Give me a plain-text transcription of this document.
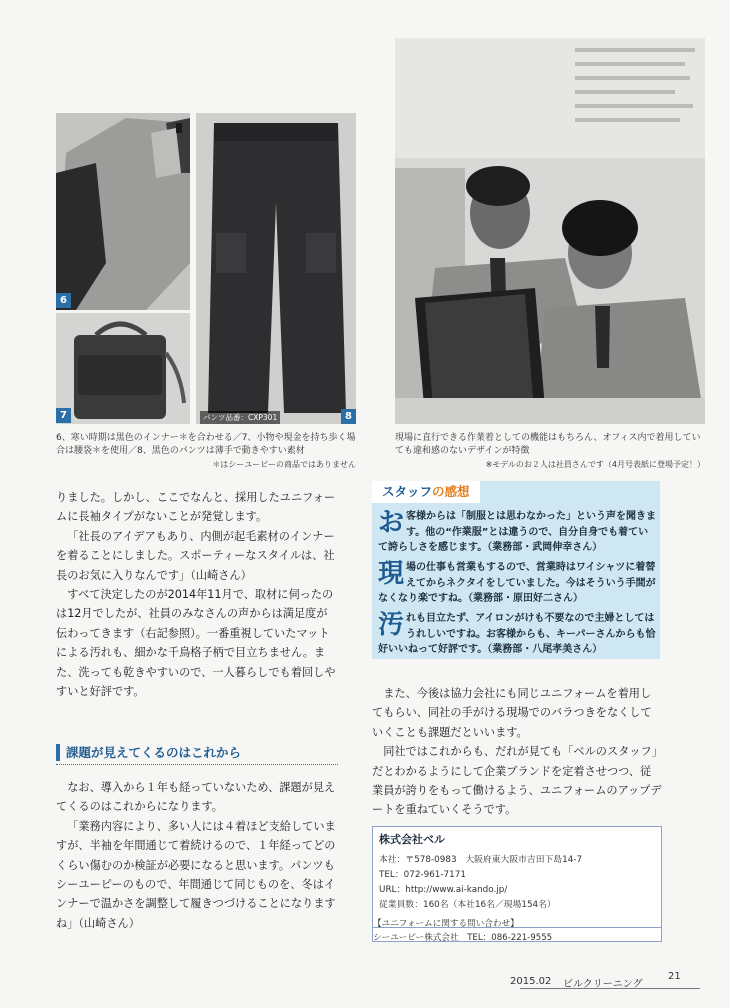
6
7	パンツ品番：CXP301	8
6、寒い時期は黒色のインナー＊を合わせる／7、小物や現金を持ち歩く場合は腰袋＊を使用／8、黒色のパンツは薄手で動きやすい素材
＊はシーユーピーの商品ではありません
現場に直行できる作業着としての機能はもちろん、オフィス内で着用していても違和感のないデザインが特徴
※モデルのお２人は社員さんです（4月号表紙に登場予定！）

りました。しかし、ここでなんと、採用したユニフォームに長袖タイプがないことが発覚します。

「社長のアイデアもあり、内側が起毛素材のインナーを着ることにしました。スポーティーなスタイルは、社長のお気に入りなんです」（山崎さん）

すべて決定したのが2014年11月で、取材に伺ったのは12月でしたが、社員のみなさんの声からは満足度が伝わってきます（右記参照）。一番重視していたマットによる汚れも、細かな千鳥格子柄で目立ちません。また、洗っても乾きやすいので、一人暮らしでも着回しやすいと好評です。

課題が見えてくるのはこれから

なお、導入から１年も経っていないため、課題が見えてくるのはこれからになります。

「業務内容により、多い人には４着ほど支給していますが、半袖を年間通じて着続けるので、１年経ってどのくらい傷むのか検証が必要になると思います。パンツもシーユーピーのもので、年間通じて同じものを、冬はインナーで温かさを調整して履きつづけることになりますね」（山崎さん）

スタッフの感想
お客様からは「制服とは思わなかった」という声を聞きます。他の“作業服”とは違うので、自分自身でも着ていて誇らしさを感じます。（業務部・武岡伸幸さん）
現場の仕事も営業もするので、営業時はワイシャツに着替えてからネクタイをしていました。今はそういう手間がなくなり楽ですね。（業務部・原田好二さん）
汚れも目立たず、アイロンがけも不要なので主婦としてはうれしいですね。お客様からも、キーパーさんからも恰好いいねって好評です。（業務部・八尾孝美さん）

また、今後は協力会社にも同じユニフォームを着用してもらい、同社の手がける現場でのバラつきをなくしていくことも課題だといいます。

同社ではこれからも、だれが見ても「ベルのスタッフ」だとわかるようにして企業ブランドを定着させつつ、従業員が誇りをもって働けるよう、ユニフォームのアップデートを重ねていくそうです。

株式会社ベル
本社：〒578-0983　大阪府東大阪市吉田下島14-7
TEL：072-961-7171
URL：http://www.ai-kando.jp/
従業員数：160名（本社16名／現場154名）
【ユニフォームに関する問い合わせ】
シーユーピー株式会社　TEL：086-221-9555
2015.02 ビルクリーニング
21
